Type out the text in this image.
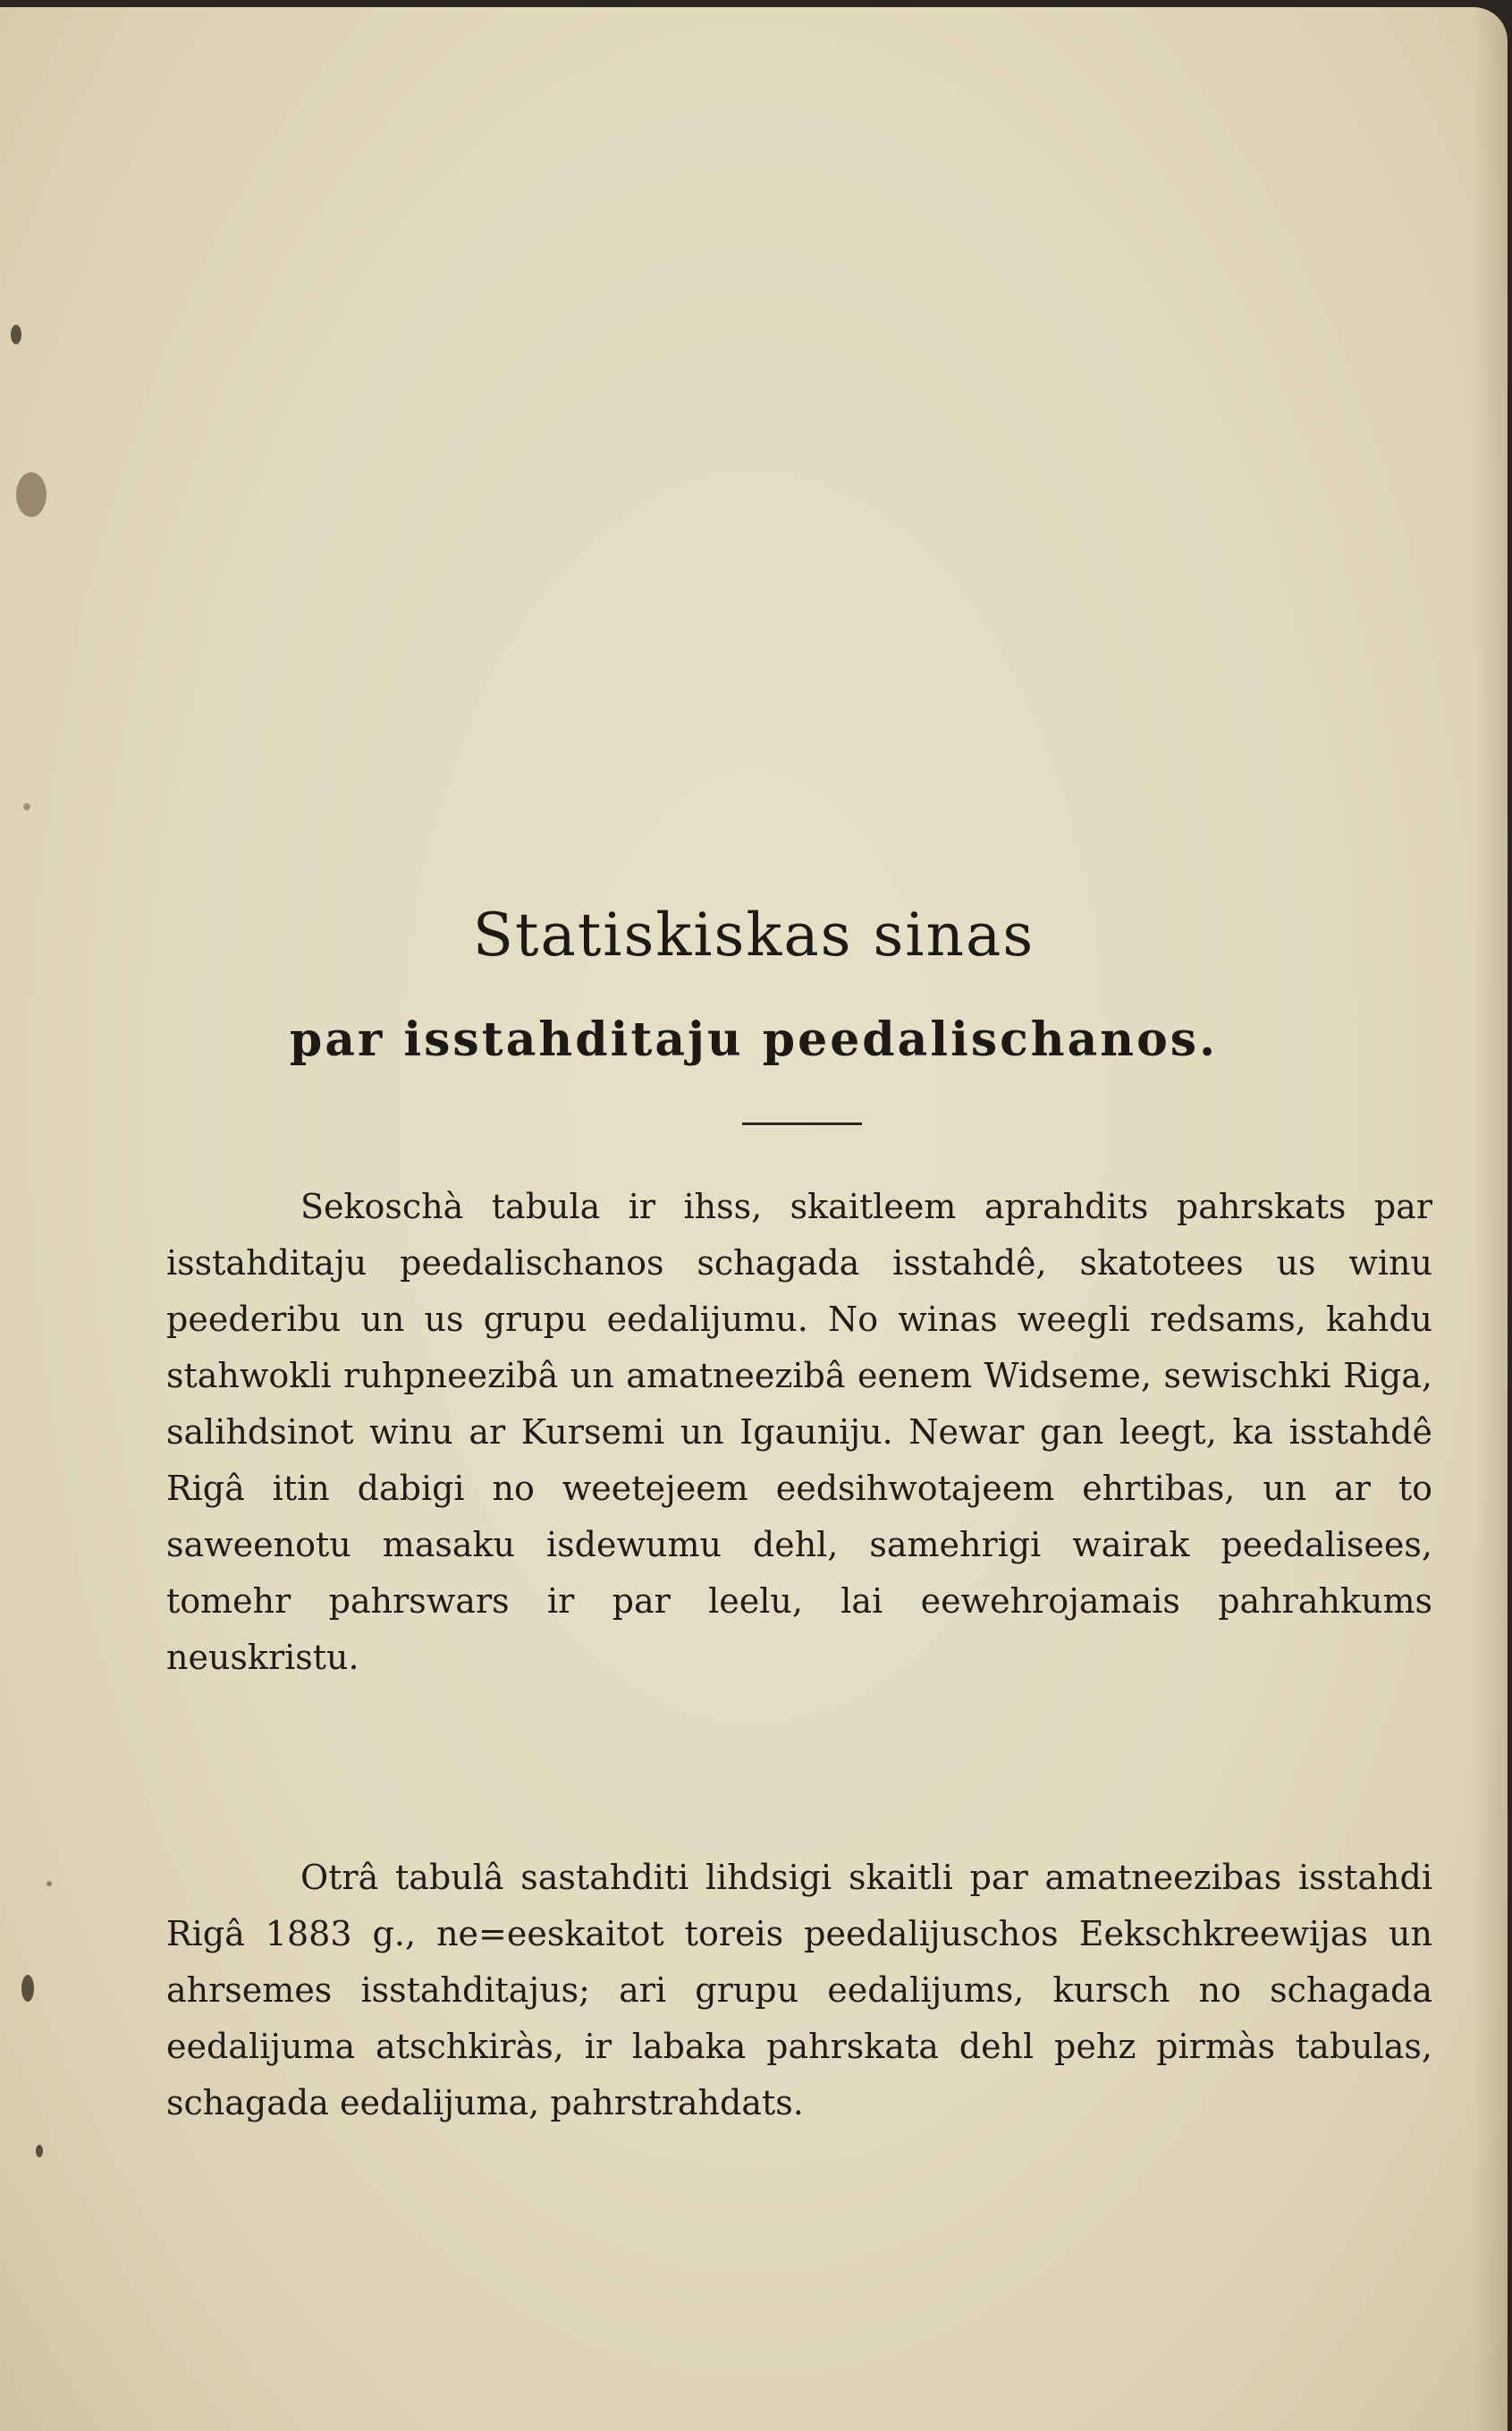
Statiskiskas sinas
par isstahditaju peedalischanos.

Sekoschà tabula ir ihss, skaitleem aprahdits pahrskats par isstahditaju peedalischanos schagada isstahdê, skatotees us winu peederibu un us grupu eedalijumu. No winas weegli redsams, kahdu stahwokli ruhpneezibâ un amatneezibâ eenem Widseme, sewischki Riga, salihdsinot winu ar Kursemi un Igauniju. Newar gan leegt, ka isstahdê Rigâ itin dabigi no weetejeem eedsihwotajeem ehrtibas, un ar to saweenotu masaku isdewumu dehl, samehrigi wairak peedalisees, tomehr pahrswars ir par leelu, lai eewehrojamais pahrahkums neuskristu.

Otrâ tabulâ sastahditi lihdsigi skaitli par amatneezibas isstahdi Rigâ 1883 g., ne=eeskaitot toreis peedalijuschos Eekschkreewijas un ahrsemes isstahditajus; ari grupu eedalijums, kursch no schagada eedalijuma atschkiràs, ir labaka pahrskata dehl pehz pirmàs tabulas, schagada eedalijuma, pahrstrahdats.
